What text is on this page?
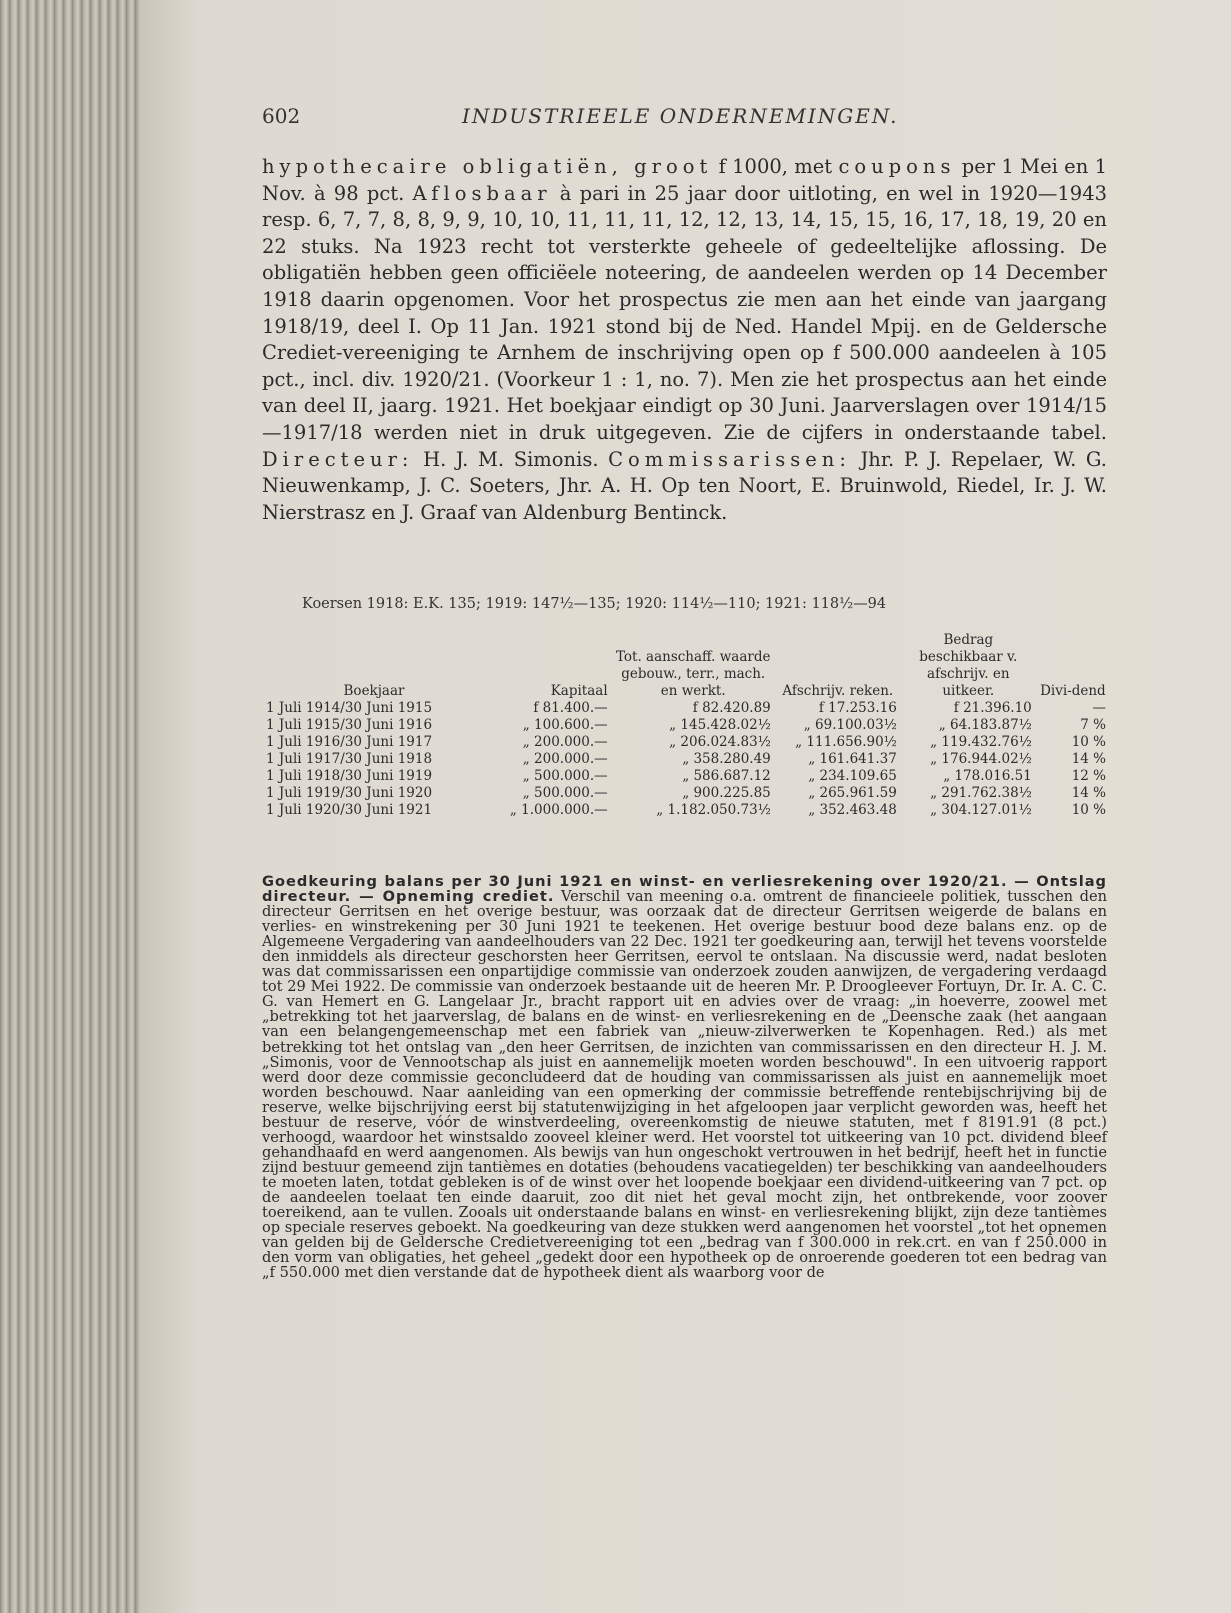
602	INDUSTRIEELE ONDERNEMINGEN.

hypothecaire obligatiën, groot f 1000, met coupons per 1 Mei en 1 Nov. à 98 pct. Aflosbaar à pari in 25 jaar door uitloting, en wel in 1920—1943 resp. 6, 7, 7, 8, 8, 9, 9, 10, 10, 11, 11, 11, 12, 12, 13, 14, 15, 15, 16, 17, 18, 19, 20 en 22 stuks. Na 1923 recht tot versterkte geheele of gedeeltelijke aflossing. De obligatiën hebben geen officiëele noteering, de aandeelen werden op 14 December 1918 daarin opgenomen. Voor het prospectus zie men aan het einde van jaargang 1918/19, deel I. Op 11 Jan. 1921 stond bij de Ned. Handel Mpij. en de Geldersche Crediet-vereeniging te Arnhem de inschrijving open op f 500.000 aandeelen à 105 pct., incl. div. 1920/21. (Voorkeur 1 : 1, no. 7). Men zie het prospectus aan het einde van deel II, jaarg. 1921. Het boekjaar eindigt op 30 Juni. Jaarverslagen over 1914/15—1917/18 werden niet in druk uitgegeven. Zie de cijfers in onderstaande tabel. Directeur: H. J. M. Simonis. Commissarissen: Jhr. P. J. Repelaer, W. G. Nieuwenkamp, J. C. Soeters, Jhr. A. H. Op ten Noort, E. Bruinwold, Riedel, Ir. J. W. Nierstrasz en J. Graaf van Aldenburg Bentinck.

Koersen 1918: E.K. 135; 1919: 147½—135; 1920: 114½—110; 1921: 118½—94
Boekjaar	Kapitaal	Tot. aanschaff. waarde gebouw., terr., mach. en werkt.	Afschrijv. reken.	Bedrag beschikbaar v. afschrijv. en uitkeer.	Divi-dend
1 Juli 1914/30 Juni 1915	f 81.400.—	f 82.420.89	f 17.253.16	f 21.396.10	—
1 Juli 1915/30 Juni 1916	„ 100.600.—	„ 145.428.02½	„ 69.100.03½	„ 64.183.87½	7 %
1 Juli 1916/30 Juni 1917	„ 200.000.—	„ 206.024.83½	„ 111.656.90½	„ 119.432.76½	10 %
1 Juli 1917/30 Juni 1918	„ 200.000.—	„ 358.280.49	„ 161.641.37	„ 176.944.02½	14 %
1 Juli 1918/30 Juni 1919	„ 500.000.—	„ 586.687.12	„ 234.109.65	„ 178.016.51	12 %
1 Juli 1919/30 Juni 1920	„ 500.000.—	„ 900.225.85	„ 265.961.59	„ 291.762.38½	14 %
1 Juli 1920/30 Juni 1921	„ 1.000.000.—	„ 1.182.050.73½	„ 352.463.48	„ 304.127.01½	10 %

Goedkeuring balans per 30 Juni 1921 en winst- en verliesrekening over 1920/21. — Ontslag directeur. — Opneming crediet. Verschil van meening o.a. omtrent de financieele politiek, tusschen den directeur Gerritsen en het overige bestuur, was oorzaak dat de directeur Gerritsen weigerde de balans en verlies- en winstrekening per 30 Juni 1921 te teekenen. Het overige bestuur bood deze balans enz. op de Algemeene Vergadering van aandeelhouders van 22 Dec. 1921 ter goedkeuring aan, terwijl het tevens voorstelde den inmiddels als directeur geschorsten heer Gerritsen, eervol te ontslaan. Na discussie werd, nadat besloten was dat commissarissen een onpartijdige commissie van onderzoek zouden aanwijzen, de vergadering verdaagd tot 29 Mei 1922. De commissie van onderzoek bestaande uit de heeren Mr. P. Droogleever Fortuyn, Dr. Ir. A. C. C. G. van Hemert en G. Langelaar Jr., bracht rapport uit en advies over de vraag: „in hoeverre, zoowel met „betrekking tot het jaarverslag, de balans en de winst- en verliesrekening en de „Deensche zaak (het aangaan van een belangengemeenschap met een fabriek van „nieuw-zilverwerken te Kopenhagen. Red.) als met betrekking tot het ontslag van „den heer Gerritsen, de inzichten van commissarissen en den directeur H. J. M. „Simonis, voor de Vennootschap als juist en aannemelijk moeten worden beschouwd". In een uitvoerig rapport werd door deze commissie geconcludeerd dat de houding van commissarissen als juist en aannemelijk moet worden beschouwd. Naar aanleiding van een opmerking der commissie betreffende rentebijschrijving bij de reserve, welke bijschrijving eerst bij statutenwijziging in het afgeloopen jaar verplicht geworden was, heeft het bestuur de reserve, vóór de winstverdeeling, overeenkomstig de nieuwe statuten, met f 8191.91 (8 pct.) verhoogd, waardoor het winstsaldo zooveel kleiner werd. Het voorstel tot uitkeering van 10 pct. dividend bleef gehandhaafd en werd aangenomen. Als bewijs van hun ongeschokt vertrouwen in het bedrijf, heeft het in functie zijnd bestuur gemeend zijn tantièmes en dotaties (behoudens vacatiegelden) ter beschikking van aandeelhouders te moeten laten, totdat gebleken is of de winst over het loopende boekjaar een dividend-uitkeering van 7 pct. op de aandeelen toelaat ten einde daaruit, zoo dit niet het geval mocht zijn, het ontbrekende, voor zoover toereikend, aan te vullen. Zooals uit onderstaande balans en winst- en verliesrekening blijkt, zijn deze tantièmes op speciale reserves geboekt. Na goedkeuring van deze stukken werd aangenomen het voorstel „tot het opnemen van gelden bij de Geldersche Credietvereeniging tot een „bedrag van f 300.000 in rek.crt. en van f 250.000 in den vorm van obligaties, het geheel „gedekt door een hypotheek op de onroerende goederen tot een bedrag van „f 550.000 met dien verstande dat de hypotheek dient als waarborg voor de
